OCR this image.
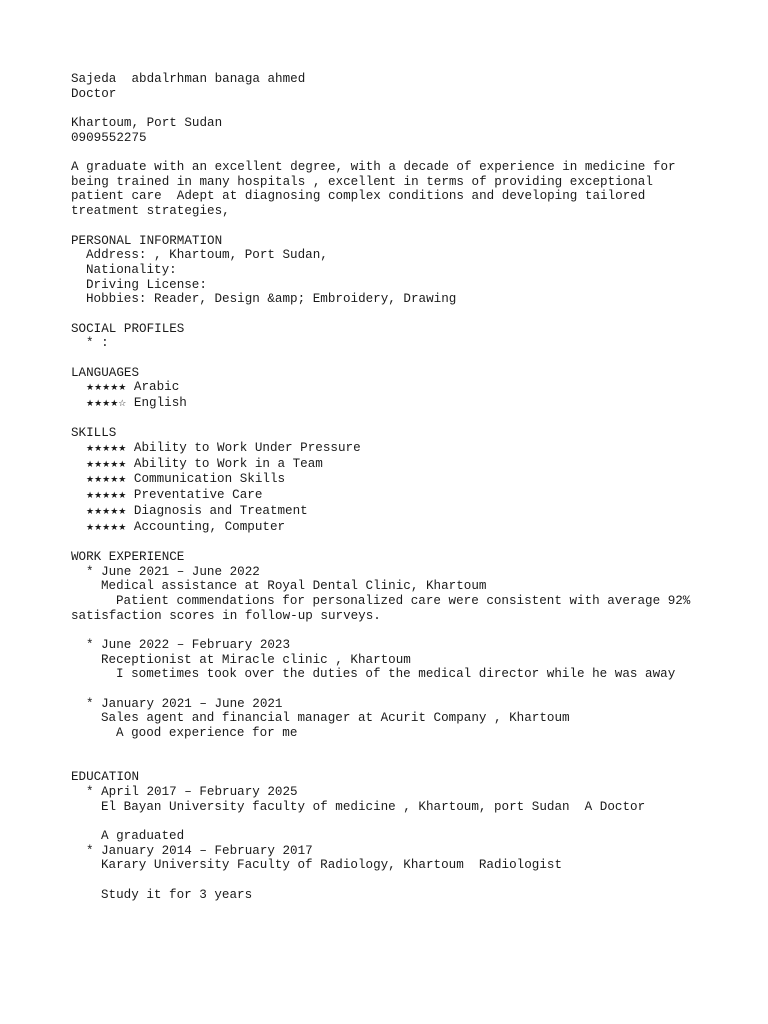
Sajeda  abdalrhman banaga ahmed
Doctor
Khartoum, Port Sudan
0909552275
A graduate with an excellent degree, with a decade of experience in medicine for
being trained in many hospitals , excellent in terms of providing exceptional
patient care  Adept at diagnosing complex conditions and developing tailored
treatment strategies,
PERSONAL INFORMATION
Address: , Khartoum, Port Sudan,
Nationality:
Driving License:
Hobbies: Reader, Design &amp; Embroidery, Drawing
SOCIAL PROFILES
* :
LANGUAGES
★★★★★ Arabic
★★★★☆ English
SKILLS
★★★★★ Ability to Work Under Pressure
★★★★★ Ability to Work in a Team
★★★★★ Communication Skills
★★★★★ Preventative Care
★★★★★ Diagnosis and Treatment
★★★★★ Accounting, Computer
WORK EXPERIENCE
* June 2021 – June 2022
Medical assistance at Royal Dental Clinic, Khartoum
Patient commendations for personalized care were consistent with average 92%
satisfaction scores in follow-up surveys.
* June 2022 – February 2023
Receptionist at Miracle clinic , Khartoum
I sometimes took over the duties of the medical director while he was away
* January 2021 – June 2021
Sales agent and financial manager at Acurit Company , Khartoum
A good experience for me
EDUCATION
* April 2017 – February 2025
El Bayan University faculty of medicine , Khartoum, port Sudan  A Doctor
A graduated
* January 2014 – February 2017
Karary University Faculty of Radiology, Khartoum  Radiologist
Study it for 3 years
